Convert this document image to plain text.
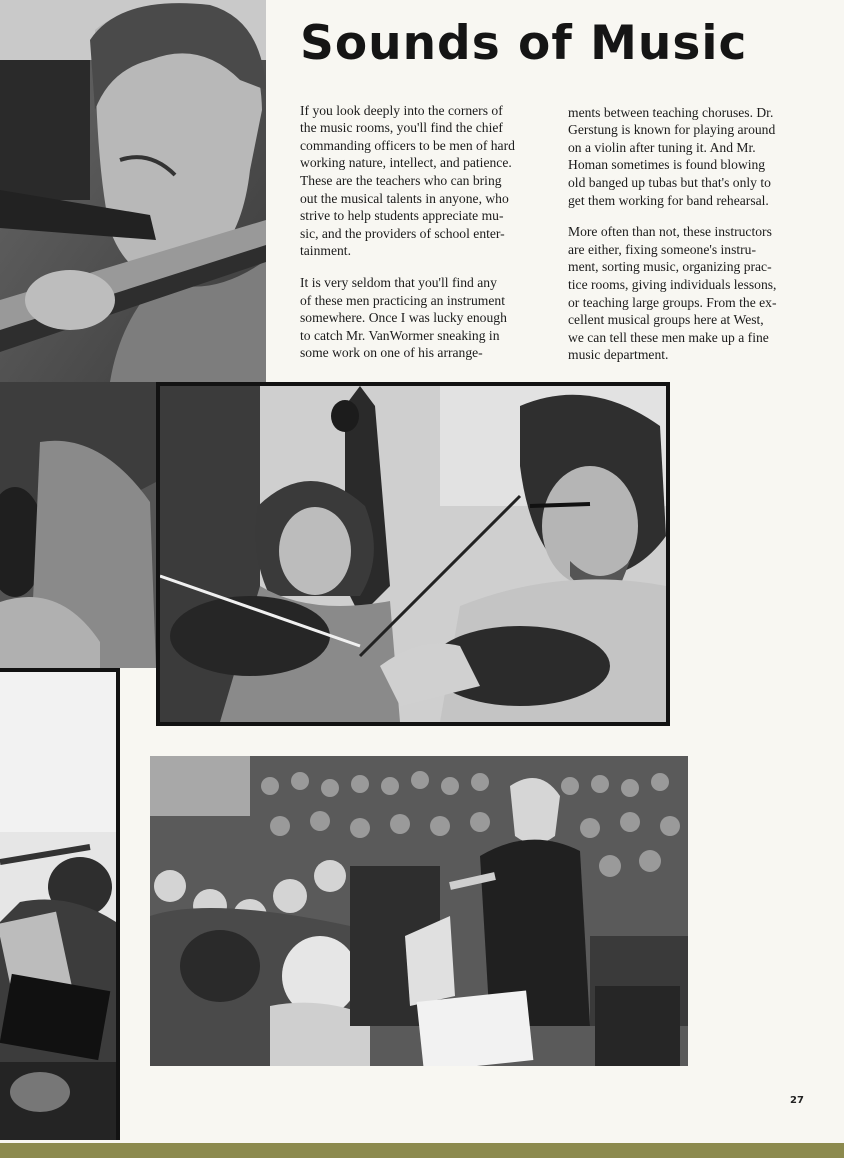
Sounds of Music

If you look deeply into the corners of
the music rooms, you'll find the chief
commanding officers to be men of hard
working nature, intellect, and patience.
These are the teachers who can bring
out the musical talents in anyone, who
strive to help students appreciate mu-
sic, and the providers of school enter-
tainment.

It is very seldom that you'll find any
of these men practicing an instrument
somewhere. Once I was lucky enough
to catch Mr. VanWormer sneaking in
some work on one of his arrange-

ments between teaching choruses. Dr.
Gerstung is known for playing around
on a violin after tuning it. And Mr.
Homan sometimes is found blowing
old banged up tubas but that's only to
get them working for band rehearsal.

More often than not, these instructors
are either, fixing someone's instru-
ment, sorting music, organizing prac-
tice rooms, giving individuals lessons,
or teaching large groups. From the ex-
cellent musical groups here at West,
we can tell these men make up a fine
music department.

27
